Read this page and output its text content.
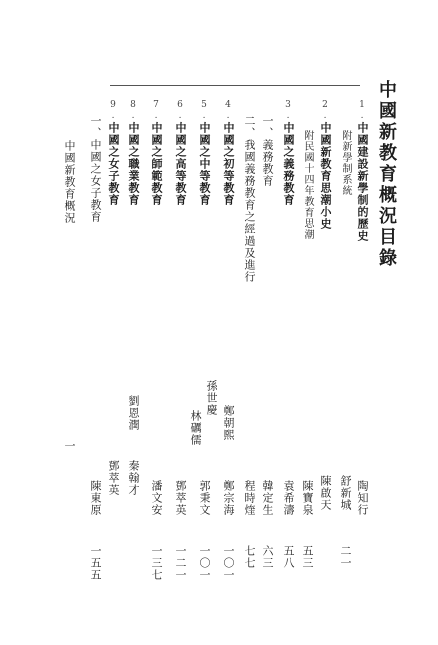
中國新教育概況目錄
1.中國建設新學制的歷史
陶知行
附新學制系統
舒新城
二一
陳啟天
2.中國新教育思潮小史
附民國十四年教育思潮
陳寶泉
五三
3.中國之義務教育
袁希濤
五八
一、義務教育
韓定生
六三
二、我國義務教育之經過及進行
程時煃
七七
4.中國之初等教育
鄭宗海
一〇一
5.中國之中等教育
郭秉文
一〇一
6.中國之高等教育
鄧萃英
一二一
7.中國之師範教育
潘文安
一三七
8.中國之職業教育
秦翰才
9.中國之女子教育
鄧萃英
一、中國之女子教育
陳東原
一五五
中國新教育概況
一	林礪儒
孫世慶
鄭朝熙
劉恩潤
